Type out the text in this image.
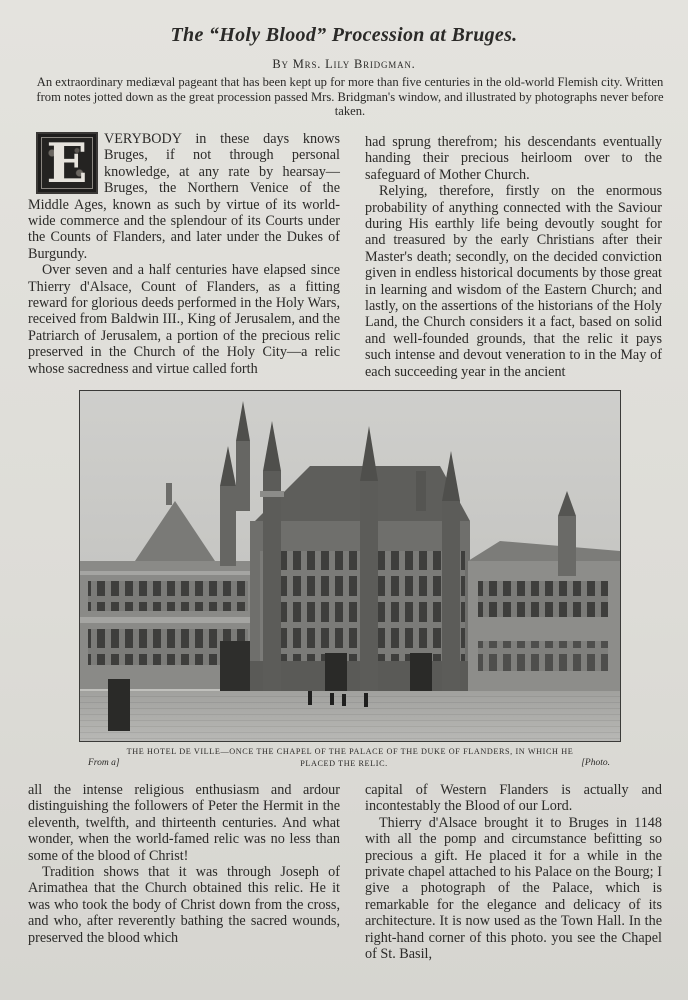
The “Holy Blood” Procession at Bruges.
By Mrs. Lily Bridgman.
An extraordinary mediæval pageant that has been kept up for more than five centuries in the old-world Flemish city. Written from notes jotted down as the great procession passed Mrs. Bridgman's window, and illustrated by photographs never before taken.
E	VERYBODY in these days knows Bruges, if not through personal knowledge, at any rate by hearsay—Bruges, the Northern Venice of the Middle Ages, known as such by virtue of its world-wide commerce and the splendour of its Courts under the Counts of Flanders, and later under the Dukes of Burgundy.

Over seven and a half centuries have elapsed since Thierry d'Alsace, Count of Flanders, as a fitting reward for glorious deeds performed in the Holy Wars, received from Baldwin III., King of Jerusalem, and the Patriarch of Jerusalem, a portion of the precious relic preserved in the Church of the Holy City—a relic whose sacredness and virtue called forth

had sprung therefrom; his descendants eventually handing their precious heirloom over to the safeguard of Mother Church.

Relying, therefore, firstly on the enormous probability of anything connected with the Saviour during His earthly life being devoutly sought for and treasured by the early Christians after their Master's death; secondly, on the decided conviction given in endless historical documents by those great in learning and wisdom of the Eastern Church; and lastly, on the assertions of the historians of the Holy Land, the Church considers it a fact, based on solid and well-founded grounds, that the relic it pays such intense and devout veneration to in the May of each succeeding year in the ancient

THE HOTEL DE VILLE—ONCE THE CHAPEL OF THE PALACE OF THE DUKE OF FLANDERS, IN WHICH HE
From a]	PLACED THE RELIC.	[Photo.

all the intense religious enthusiasm and ardour distinguishing the followers of Peter the Hermit in the eleventh, twelfth, and thirteenth centuries. And what wonder, when the world-famed relic was no less than some of the blood of Christ!

Tradition shows that it was through Joseph of Arimathea that the Church obtained this relic. He it was who took the body of Christ down from the cross, and who, after reverently bathing the sacred wounds, preserved the blood which

capital of Western Flanders is actually and incontestably the Blood of our Lord.

Thierry d'Alsace brought it to Bruges in 1148 with all the pomp and circumstance befitting so precious a gift. He placed it for a while in the private chapel attached to his Palace on the Bourg; I give a photograph of the Palace, which is remarkable for the elegance and delicacy of its architecture. It is now used as the Town Hall. In the right-hand corner of this photo. you see the Chapel of St. Basil,
